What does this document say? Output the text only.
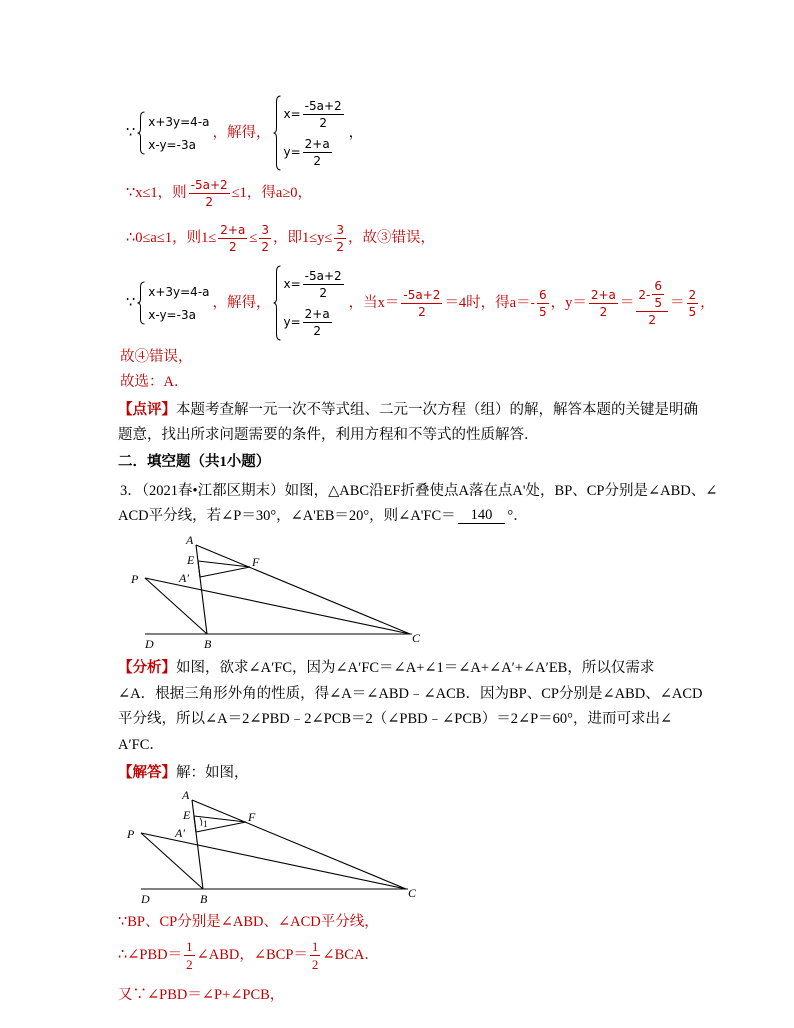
∵
x+3y=4-a
x-y=-3a
，解得，
$x= \frac{-5a+2}{2}$
$y= \frac{2+a}{2}$
，
∵x≤1，则 $\frac{-5a+2}{2} \le 1$，得a≥0，
∴0≤a≤1，则$1\le \frac{2+a}{2} \le \frac{3}{2}$ ，即$1\le y\le \frac{3}{2}$ ，故③错误，
∵
x+3y=4-a
x-y=-3a
，解得，
$x= \frac{-5a+2}{2}$
$y= \frac{2+a}{2}$
，当$x= \frac{-5a+2}{2} =4$时，得$a= - \frac{6}{5}$ ，$y= \frac{2+a}{2} = \frac{2- \frac{6}{5}}{2} = \frac{2}{5}$ ，
故④错误，
故选：A．
【点评】 本题考查解一元一次不等式组、二元一次方程（组）的解，解答本题的关键是明确
题意，找出所求问题需要的条件，利用方程和不等式的性质解答．
二．填空题（共1小题）
3．（2021春•江都区期末）如图，△ABC沿EF折叠使点A落在点A'处，BP、CP分别是∠ABD、∠
ACD平分线，若∠P＝30°，∠A'EB＝20°，则∠A'FC＝	140	°．
A
E	F
A′
P
D	B	C
【分析】 如图，欲求∠A′FC，因为∠A′FC＝∠A+∠1＝∠A+∠A′+∠A′EB，所以仅需求
∠A．根据三角形外角的性质，得∠A＝∠ABD﹣∠ACB．因为BP、CP分别是∠ABD、∠ACD
平分线，所以∠A＝2∠PBD﹣2∠PCB＝2（∠PBD﹣∠PCB）＝2∠P＝60°，进而可求出∠
A′FC．
【解答】 解：如图，
A
E	F
A′
1
P
D	B	C
∵BP、CP分别是∠ABD、∠ACD平分线，
∴∠PBD＝ $\frac{1}{2}$ ∠ABD，∠BCP＝ $\frac{1}{2}$ ∠BCA．
又∵∠PBD＝∠P+∠PCB，
